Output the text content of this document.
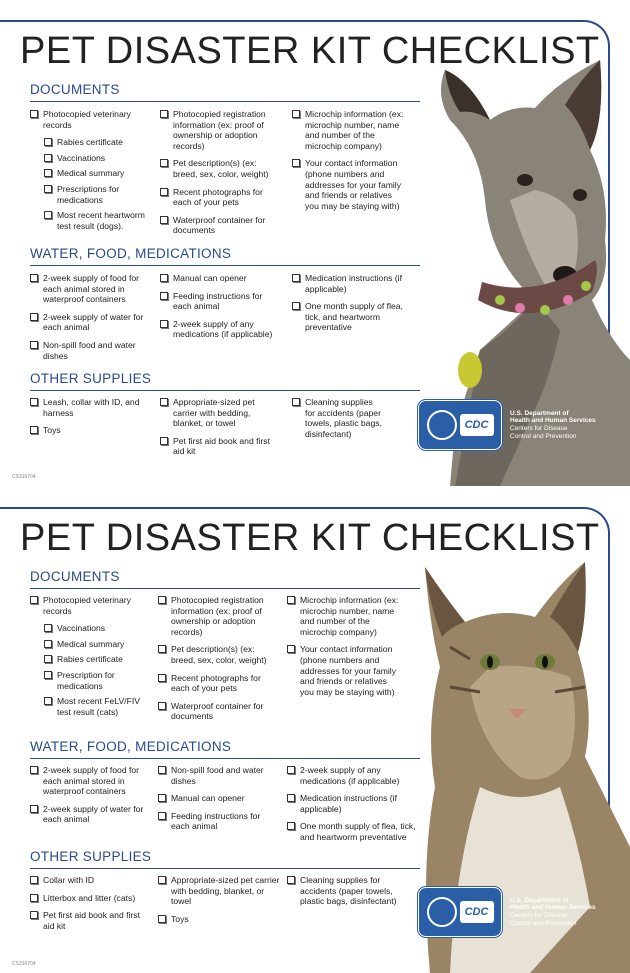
PET DISASTER KIT CHECKLIST
DOCUMENTS
Photocopied veterinary records
Rabies certificate
Vaccinations
Medical summary
Prescriptions for medications
Most recent heartworm test result (dogs).
Photocopied registration information (ex: proof of ownership or adoption records)
Pet description(s) (ex: breed, sex, color, weight)
Recent photographs for each of your pets
Waterproof container for documents
Microchip information (ex: microchip number, name and number of the microchip company)
Your contact information (phone numbers and addresses for your family and friends or relatives you may be staying with)
WATER, FOOD, MEDICATIONS
2-week supply of food for each animal stored in waterproof containers
2-week supply of water for each animal
Non-spill food and water dishes
Manual can opener
Feeding instructions for each animal
2-week supply of any medications (if applicable)
Medication instructions (if applicable)
One month supply of flea, tick, and heartworm preventative
OTHER SUPPLIES
Leash, collar with ID, and harness
Toys
Appropriate-sized pet carrier with bedding, blanket, or towel
Pet first aid book and first aid kit
Cleaning supplies for accidents (paper towels, plastic bags, disinfectant)
CDC
U.S. Department of
Health and Human Services
Centers for Disease
Control and Prevention
CS316704
PET DISASTER KIT CHECKLIST
DOCUMENTS
Photocopied veterinary records
Vaccinations
Medical summary
Rabies certificate
Prescription for medications
Most recent FeLV/FIV test result (cats)
Photocopied registration information (ex: proof of ownership or adoption records)
Pet description(s) (ex: breed, sex, color, weight)
Recent photographs for each of your pets
Waterproof container for documents
Microchip information (ex: microchip number, name and number of the microchip company)
Your contact information (phone numbers and addresses for your family and friends or relatives you may be staying with)
WATER, FOOD, MEDICATIONS
2-week supply of food for each animal stored in waterproof containers
2-week supply of water for each animal
Non-spill food and water dishes
Manual can opener
Feeding instructions for each animal
2-week supply of any medications (if applicable)
Medication instructions (if applicable)
One month supply of flea, tick, and heartworm preventative
OTHER SUPPLIES
Collar with ID
Litterbox and litter (cats)
Pet first aid book and first aid kit
Appropriate-sized pet carrier with bedding, blanket, or towel
Toys
Cleaning supplies for accidents (paper towels, plastic bags, disinfectant)
CDC
U.S. Department of
Health and Human Services
Centers for Disease
Control and Prevention
CS316704
